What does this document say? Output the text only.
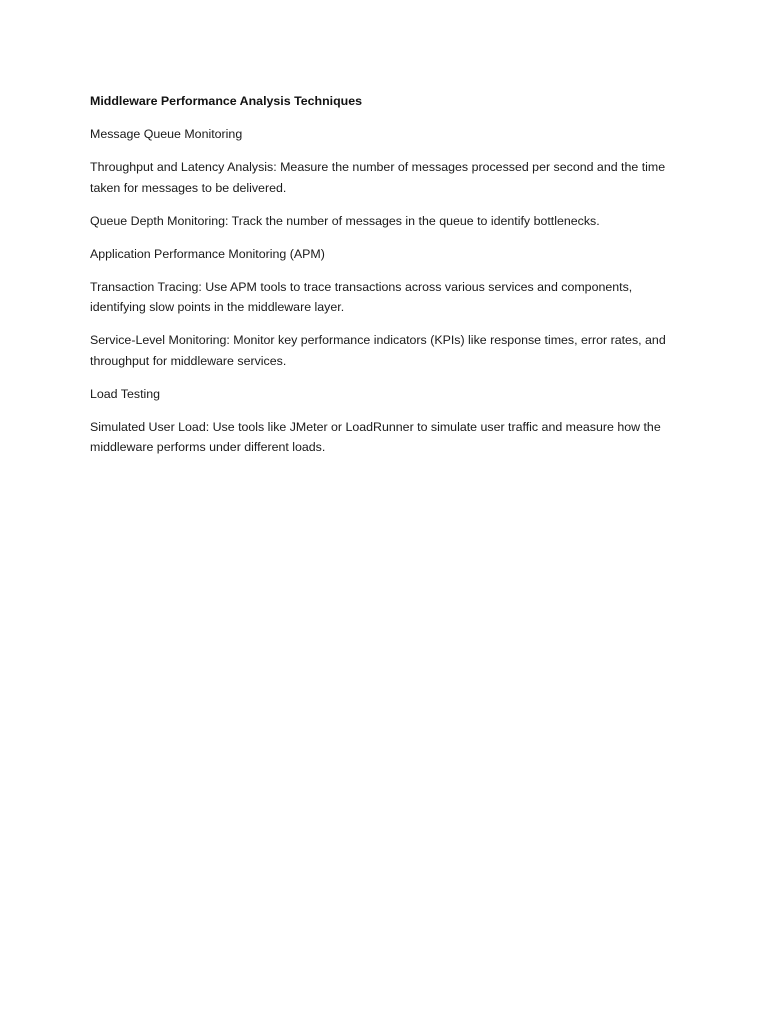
Middleware Performance Analysis Techniques

Message Queue Monitoring

Throughput and Latency Analysis: Measure the number of messages processed per second and the time taken for messages to be delivered.

Queue Depth Monitoring: Track the number of messages in the queue to identify bottlenecks.

Application Performance Monitoring (APM)

Transaction Tracing: Use APM tools to trace transactions across various services and components, identifying slow points in the middleware layer.

Service-Level Monitoring: Monitor key performance indicators (KPIs) like response times, error rates, and throughput for middleware services.

Load Testing

Simulated User Load: Use tools like JMeter or LoadRunner to simulate user traffic and measure how the middleware performs under different loads.
